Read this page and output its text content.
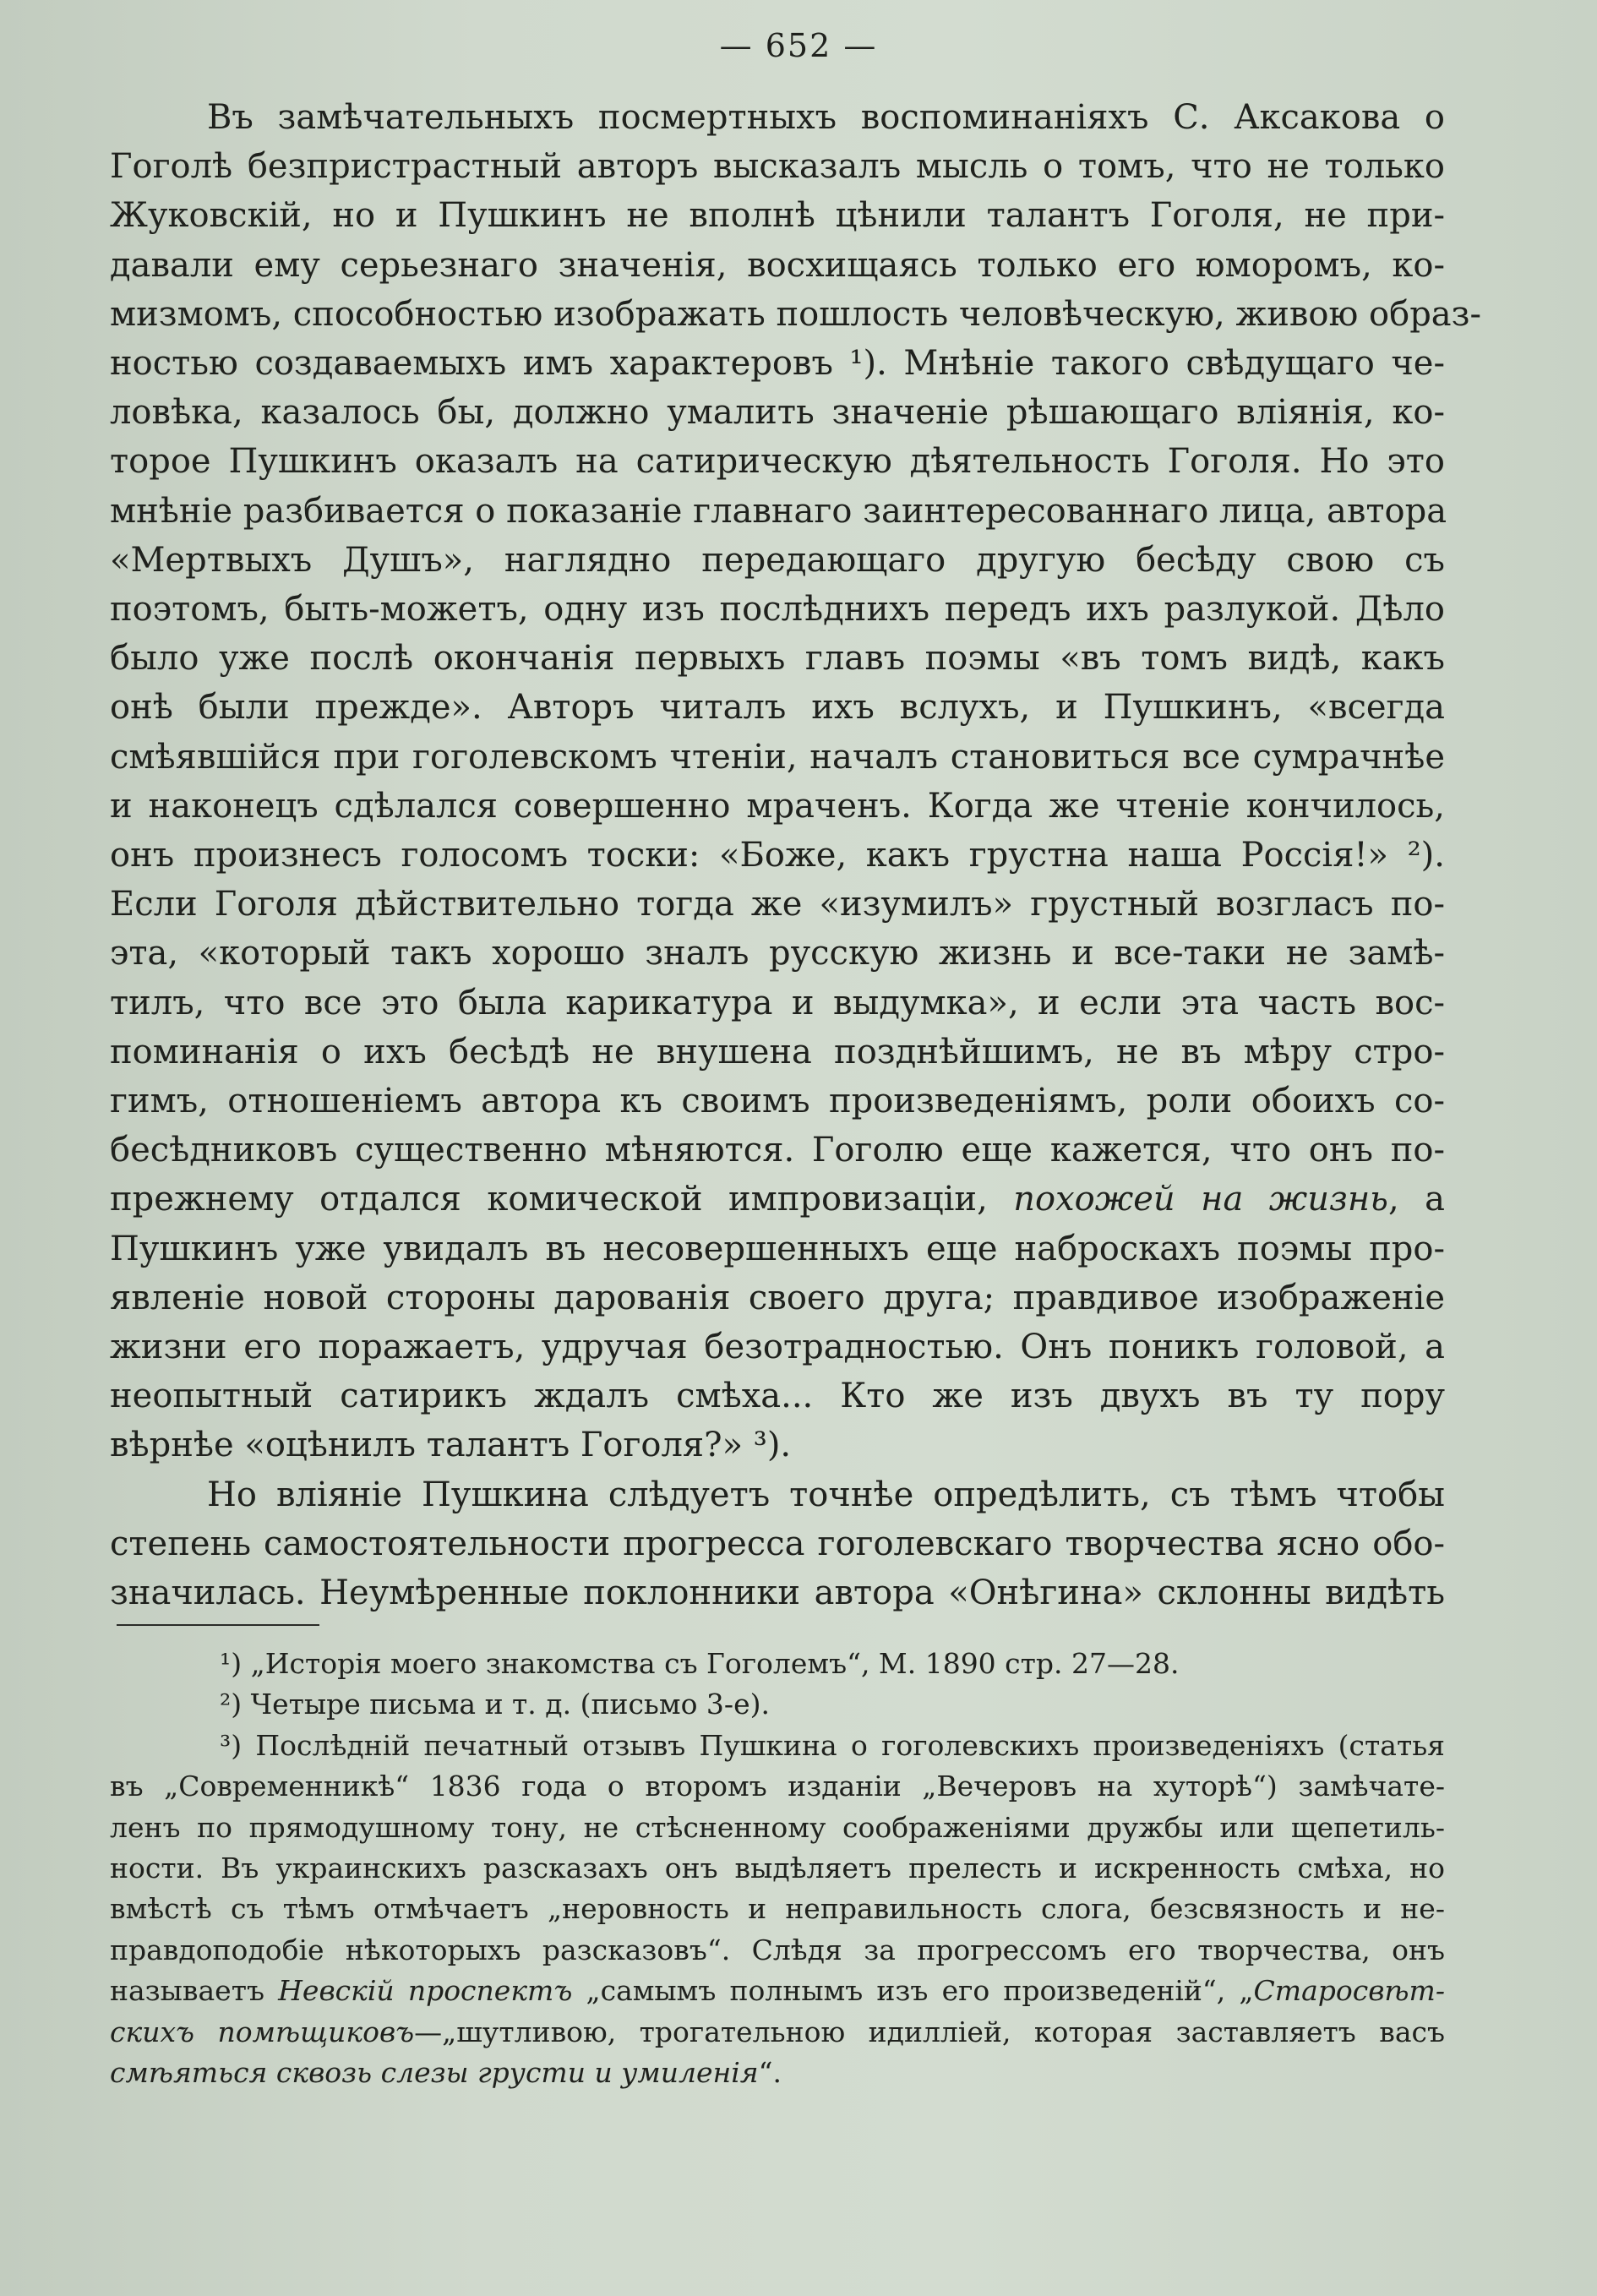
— 652 —
Въ замѣчательныхъ посмертныхъ воспоминаніяхъ С. Аксакова о
Гоголѣ безпристрастный авторъ высказалъ мысль о томъ, что не только
Жуковскій, но и Пушкинъ не вполнѣ цѣнили талантъ Гоголя, не при-
давали ему серьезнаго значенія, восхищаясь только его юморомъ, ко-
мизмомъ, способностью изображать пошлость человѣческую, живою образ-
ностью создаваемыхъ имъ характеровъ ¹). Мнѣніе такого свѣдущаго че-
ловѣка, казалось бы, должно умалить значеніе рѣшающаго вліянія, ко-
торое Пушкинъ оказалъ на сатирическую дѣятельность Гоголя. Но это
мнѣніе разбивается о показаніе главнаго заинтересованнаго лица, автора
«Мертвыхъ Душъ», наглядно передающаго другую бесѣду свою съ
поэтомъ, быть-можетъ, одну изъ послѣднихъ передъ ихъ разлукой. Дѣло
было уже послѣ окончанія первыхъ главъ поэмы «въ томъ видѣ, какъ
онѣ были прежде». Авторъ читалъ ихъ вслухъ, и Пушкинъ, «всегда
смѣявшійся при гоголевскомъ чтеніи, началъ становиться все сумрачнѣе
и наконецъ сдѣлался совершенно мраченъ. Когда же чтеніе кончилось,
онъ произнесъ голосомъ тоски: «Боже, какъ грустна наша Россія!» ²).
Если Гоголя дѣйствительно тогда же «изумилъ» грустный возгласъ по-
эта, «который такъ хорошо зналъ русскую жизнь и все-таки не замѣ-
тилъ, что все это была карикатура и выдумка», и если эта часть вос-
поминанія о ихъ бесѣдѣ не внушена позднѣйшимъ, не въ мѣру стро-
гимъ, отношеніемъ автора къ своимъ произведеніямъ, роли обоихъ со-
бесѣдниковъ существенно мѣняются. Гоголю еще кажется, что онъ по-
прежнему отдался комической импровизаціи, похожей на жизнь, а
Пушкинъ уже увидалъ въ несовершенныхъ еще наброскахъ поэмы про-
явленіе новой стороны дарованія своего друга; правдивое изображеніе
жизни его поражаетъ, удручая безотрадностью. Онъ поникъ головой, а
неопытный сатирикъ ждалъ смѣха... Кто же изъ двухъ въ ту пору
вѣрнѣе «оцѣнилъ талантъ Гоголя?» ³).
Но вліяніе Пушкина слѣдуетъ точнѣе опредѣлить, съ тѣмъ чтобы
степень самостоятельности прогресса гоголевскаго творчества ясно обо-
значилась. Неумѣренные поклонники автора «Онѣгина» склонны видѣть
¹) „Исторія моего знакомства съ Гоголемъ“, М. 1890 стр. 27—28.
²) Четыре письма и т. д. (письмо 3-е).
³) Послѣдній печатный отзывъ Пушкина о гоголевскихъ произведеніяхъ (статья
въ „Современникѣ“ 1836 года о второмъ изданіи „Вечеровъ на хуторѣ“) замѣчате-
ленъ по прямодушному тону, не стѣсненному соображеніями дружбы или щепетиль-
ности. Въ украинскихъ разсказахъ онъ выдѣляетъ прелесть и искренность смѣха, но
вмѣстѣ съ тѣмъ отмѣчаетъ „неровность и неправильность слога, безсвязность и не-
правдоподобіе нѣкоторыхъ разсказовъ“. Слѣдя за прогрессомъ его творчества, онъ
называетъ Невскій проспектъ „самымъ полнымъ изъ его произведеній“, „Старосвѣт-
скихъ помѣщиковъ—„шутливою, трогательною идилліей, которая заставляетъ васъ
смѣяться сквозь слезы грусти и умиленія“.
